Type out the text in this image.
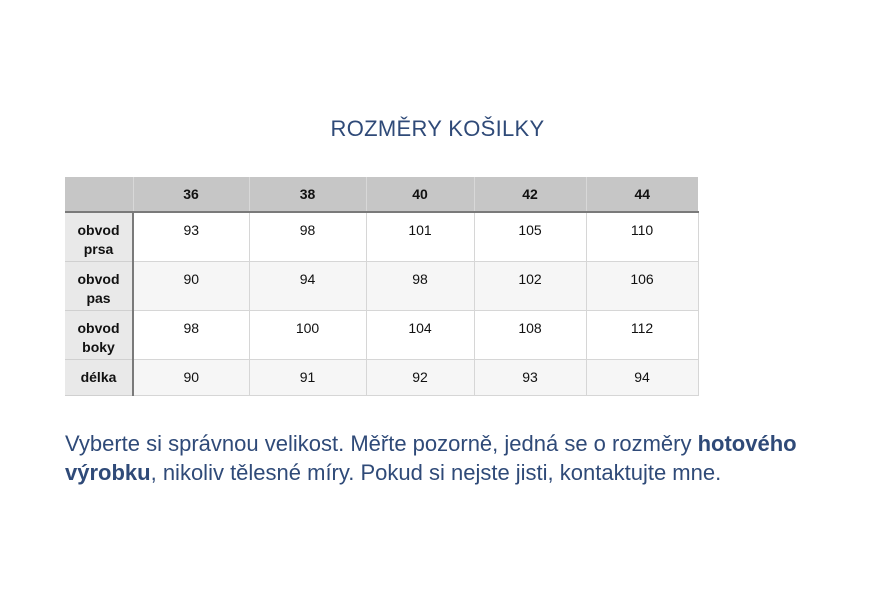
ROZMĚRY KOŠILKY
	36	38	40	42	44

obvod
prsa	93	98	101	105	110

obvod
pas	90	94	98	102	106

obvod
boky	98	100	104	108	112

délka	90	91	92	93	94
Vyberte si správnou velikost. Měřte pozorně, jedná se o rozměry hotového výrobku, nikoliv tělesné míry. Pokud si nejste jisti, kontaktujte mne.
